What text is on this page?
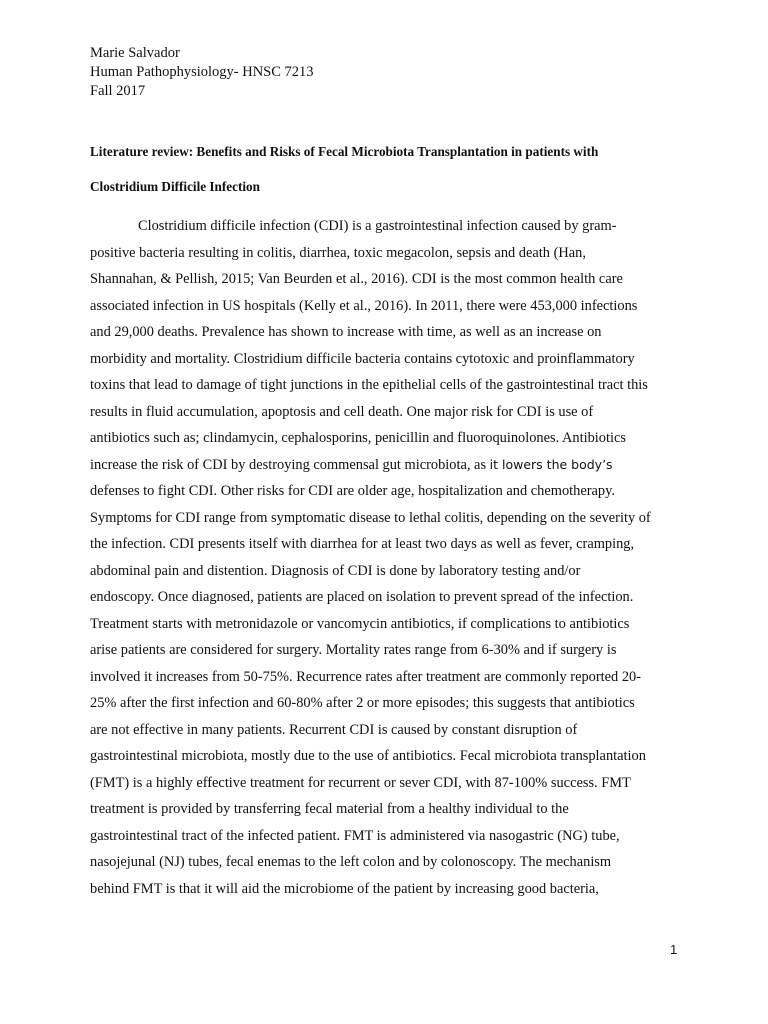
Marie Salvador
Human Pathophysiology- HNSC 7213
Fall 2017
Literature review: Benefits and Risks of Fecal Microbiota Transplantation in patients with
Clostridium Difficile Infection
Clostridium difficile infection (CDI) is a gastrointestinal infection caused by gram-
positive bacteria resulting in colitis, diarrhea, toxic megacolon, sepsis and death (Han,
Shannahan, & Pellish, 2015; Van Beurden et al., 2016). CDI is the most common health care
associated infection in US hospitals (Kelly et al., 2016). In 2011, there were 453,000 infections
and 29,000 deaths. Prevalence has shown to increase with time, as well as an increase on
morbidity and mortality. Clostridium difficile bacteria contains cytotoxic and proinflammatory
toxins that lead to damage of tight junctions in the epithelial cells of the gastrointestinal tract this
results in fluid accumulation, apoptosis and cell death. One major risk for CDI is use of
antibiotics such as; clindamycin, cephalosporins, penicillin and fluoroquinolones. Antibiotics
increase the risk of CDI by destroying commensal gut microbiota, as it lowers the body’s
defenses to fight CDI. Other risks for CDI are older age, hospitalization and chemotherapy.
Symptoms for CDI range from symptomatic disease to lethal colitis, depending on the severity of
the infection. CDI presents itself with diarrhea for at least two days as well as fever, cramping,
abdominal pain and distention. Diagnosis of CDI is done by laboratory testing and/or
endoscopy. Once diagnosed, patients are placed on isolation to prevent spread of the infection.
Treatment starts with metronidazole or vancomycin antibiotics, if complications to antibiotics
arise patients are considered for surgery. Mortality rates range from 6-30% and if surgery is
involved it increases from 50-75%. Recurrence rates after treatment are commonly reported 20-
25% after the first infection and 60-80% after 2 or more episodes; this suggests that antibiotics
are not effective in many patients. Recurrent CDI is caused by constant disruption of
gastrointestinal microbiota, mostly due to the use of antibiotics. Fecal microbiota transplantation
(FMT) is a highly effective treatment for recurrent or sever CDI, with 87-100% success. FMT
treatment is provided by transferring fecal material from a healthy individual to the
gastrointestinal tract of the infected patient. FMT is administered via nasogastric (NG) tube,
nasojejunal (NJ) tubes, fecal enemas to the left colon and by colonoscopy. The mechanism
behind FMT is that it will aid the microbiome of the patient by increasing good bacteria,
1
